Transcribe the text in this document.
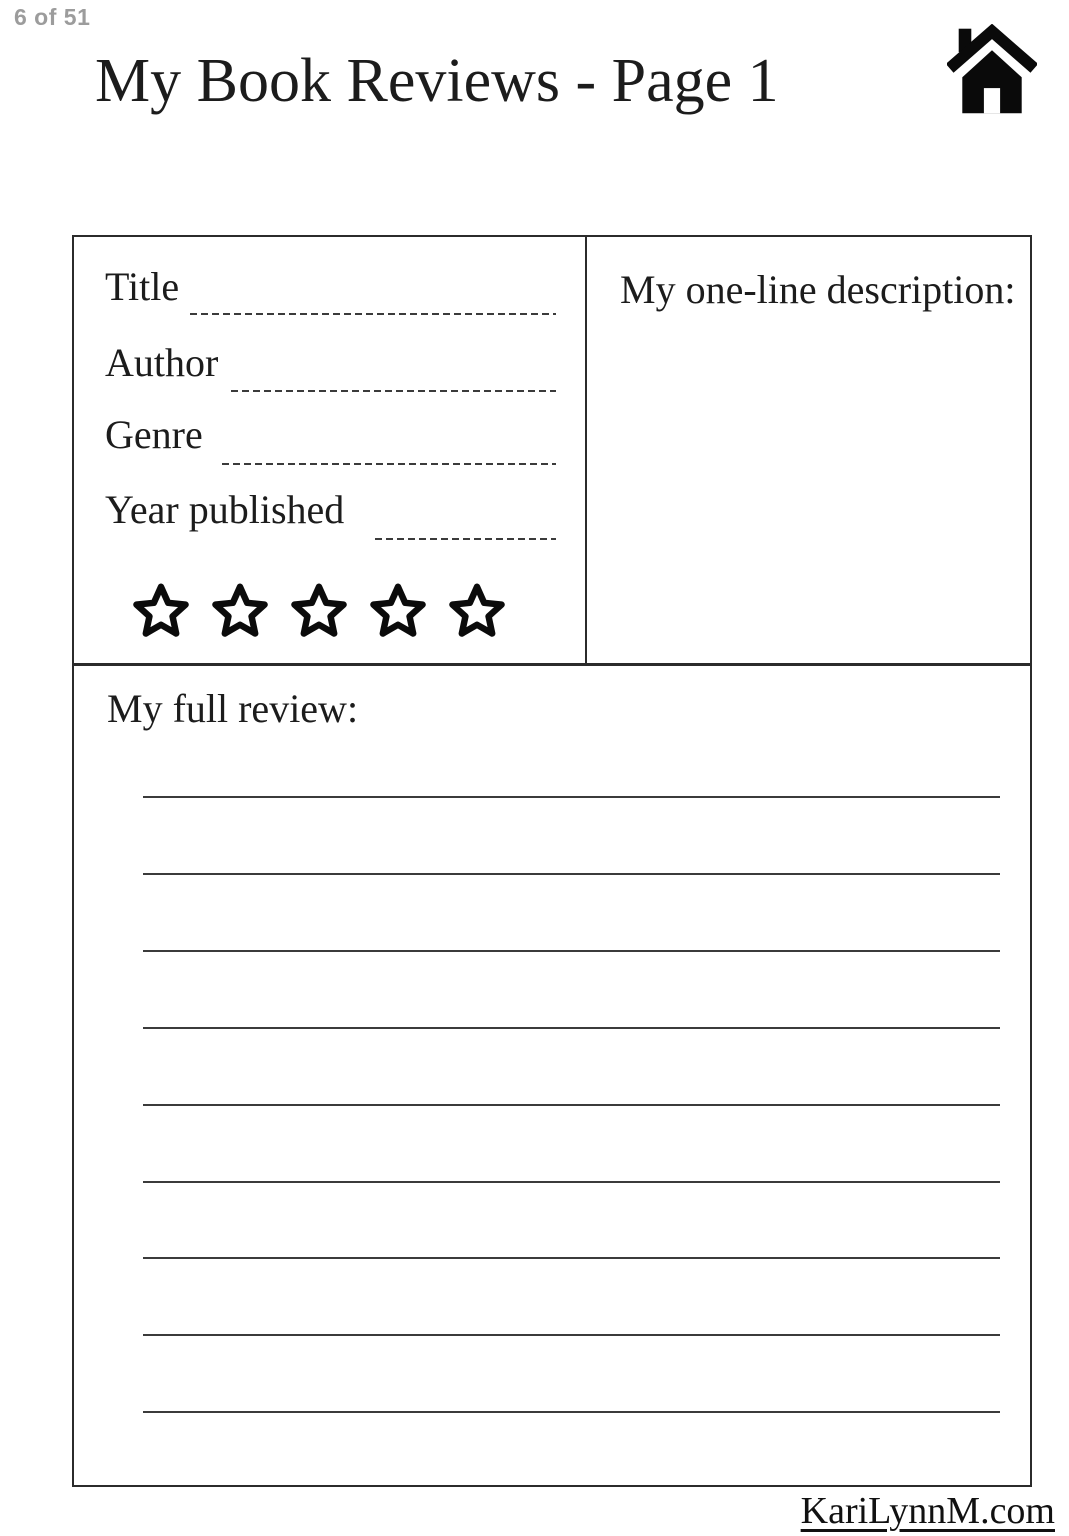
6 of 51
My Book Reviews - Page 1
Title
Author
Genre
Year published
My one-line description:
My full review:
KariLynnM.com
